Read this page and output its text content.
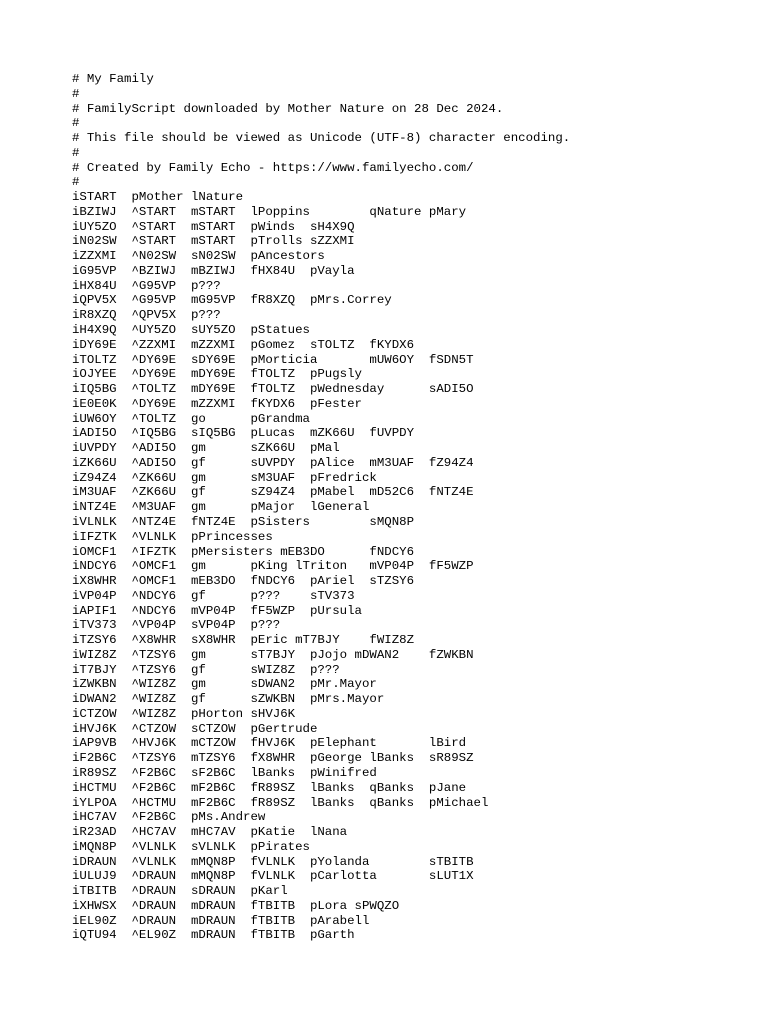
# My Family
#
# FamilyScript downloaded by Mother Nature on 28 Dec 2024.
#
# This file should be viewed as Unicode (UTF-8) character encoding.
#
# Created by Family Echo - https://www.familyecho.com/
#
iSTART  pMother lNature
iBZIWJ  ^START  mSTART  lPoppins        qNature pMary
iUY5ZO  ^START  mSTART  pWinds  sH4X9Q
iN02SW  ^START  mSTART  pTrolls sZZXMI
iZZXMI  ^N02SW  sN02SW  pAncestors
iG95VP  ^BZIWJ  mBZIWJ  fHX84U  pVayla
iHX84U  ^G95VP  p???
iQPV5X  ^G95VP  mG95VP  fR8XZQ  pMrs.Correy
iR8XZQ  ^QPV5X  p???
iH4X9Q  ^UY5ZO  sUY5ZO  pStatues
iDY69E  ^ZZXMI  mZZXMI  pGomez  sTOLTZ  fKYDX6
iTOLTZ  ^DY69E  sDY69E  pMorticia       mUW6OY  fSDN5T
iOJYEE  ^DY69E  mDY69E  fTOLTZ  pPugsly
iIQ5BG  ^TOLTZ  mDY69E  fTOLTZ  pWednesday      sADI5O
iE0E0K  ^DY69E  mZZXMI  fKYDX6  pFester
iUW6OY  ^TOLTZ  go      pGrandma
iADI5O  ^IQ5BG  sIQ5BG  pLucas  mZK66U  fUVPDY
iUVPDY  ^ADI5O  gm      sZK66U  pMal
iZK66U  ^ADI5O  gf      sUVPDY  pAlice  mM3UAF  fZ94Z4
iZ94Z4  ^ZK66U  gm      sM3UAF  pFredrick
iM3UAF  ^ZK66U  gf      sZ94Z4  pMabel  mD52C6  fNTZ4E
iNTZ4E  ^M3UAF  gm      pMajor  lGeneral
iVLNLK  ^NTZ4E  fNTZ4E  pSisters        sMQN8P
iIFZTK  ^VLNLK  pPrincesses
iOMCF1  ^IFZTK  pMersisters mEB3DO      fNDCY6
iNDCY6  ^OMCF1  gm      pKing lTriton   mVP04P  fF5WZP
iX8WHR  ^OMCF1  mEB3DO  fNDCY6  pAriel  sTZSY6
iVP04P  ^NDCY6  gf      p???    sTV373
iAPIF1  ^NDCY6  mVP04P  fF5WZP  pUrsula
iTV373  ^VP04P  sVP04P  p???
iTZSY6  ^X8WHR  sX8WHR  pEric mT7BJY    fWIZ8Z
iWIZ8Z  ^TZSY6  gm      sT7BJY  pJojo mDWAN2    fZWKBN
iT7BJY  ^TZSY6  gf      sWIZ8Z  p???
iZWKBN  ^WIZ8Z  gm      sDWAN2  pMr.Mayor
iDWAN2  ^WIZ8Z  gf      sZWKBN  pMrs.Mayor
iCTZOW  ^WIZ8Z  pHorton sHVJ6K
iHVJ6K  ^CTZOW  sCTZOW  pGertrude
iAP9VB  ^HVJ6K  mCTZOW  fHVJ6K  pElephant       lBird
iF2B6C  ^TZSY6  mTZSY6  fX8WHR  pGeorge lBanks  sR89SZ
iR89SZ  ^F2B6C  sF2B6C  lBanks  pWinifred
iHCTMU  ^F2B6C  mF2B6C  fR89SZ  lBanks  qBanks  pJane
iYLPOA  ^HCTMU  mF2B6C  fR89SZ  lBanks  qBanks  pMichael
iHC7AV  ^F2B6C  pMs.Andrew
iR23AD  ^HC7AV  mHC7AV  pKatie  lNana
iMQN8P  ^VLNLK  sVLNLK  pPirates
iDRAUN  ^VLNLK  mMQN8P  fVLNLK  pYolanda        sTBITB
iULUJ9  ^DRAUN  mMQN8P  fVLNLK  pCarlotta       sLUT1X
iTBITB  ^DRAUN  sDRAUN  pKarl
iXHWSX  ^DRAUN  mDRAUN  fTBITB  pLora sPWQZO
iEL90Z  ^DRAUN  mDRAUN  fTBITB  pArabell
iQTU94  ^EL90Z  mDRAUN  fTBITB  pGarth
